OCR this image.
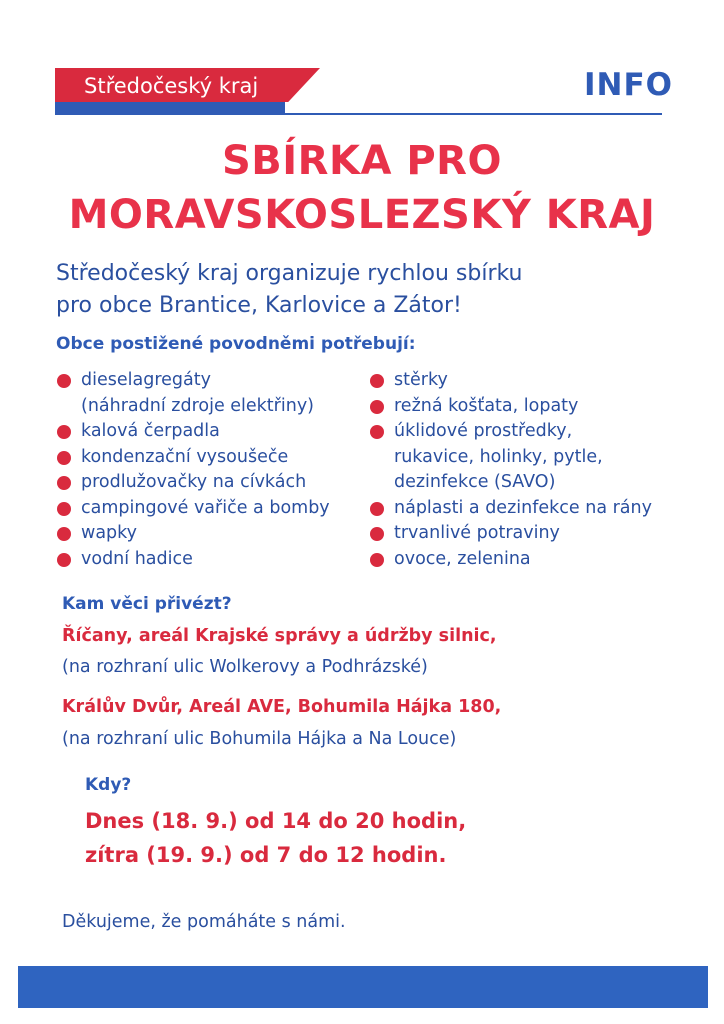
Středočeský kraj	INFO
SBÍRKA PRO
MORAVSKOSLEZSKÝ KRAJ
Středočeský kraj organizuje rychlou sbírku
pro obce Brantice, Karlovice a Zátor!
Obce postižené povodněmi potřebují:
dieselagregáty
(náhradní zdroje elektřiny)
kalová čerpadla
kondenzační vysoušeče
prodlužovačky na cívkách
campingové vařiče a bomby
wapky
vodní hadice
stěrky
režná košťata, lopaty
úklidové prostředky,
rukavice, holinky, pytle,
dezinfekce (SAVO)
náplasti a dezinfekce na rány
trvanlivé potraviny
ovoce, zelenina
Kam věci přivézt?
Říčany, areál Krajské správy a údržby silnic,
(na rozhraní ulic Wolkerovy a Podhrázské)
Králův Dvůr, Areál AVE, Bohumila Hájka 180,
(na rozhraní ulic Bohumila Hájka a Na Louce)
Kdy?
Dnes (18. 9.) od 14 do 20 hodin,
zítra (19. 9.) od 7 do 12 hodin.
Děkujeme, že pomáháte s námi.
